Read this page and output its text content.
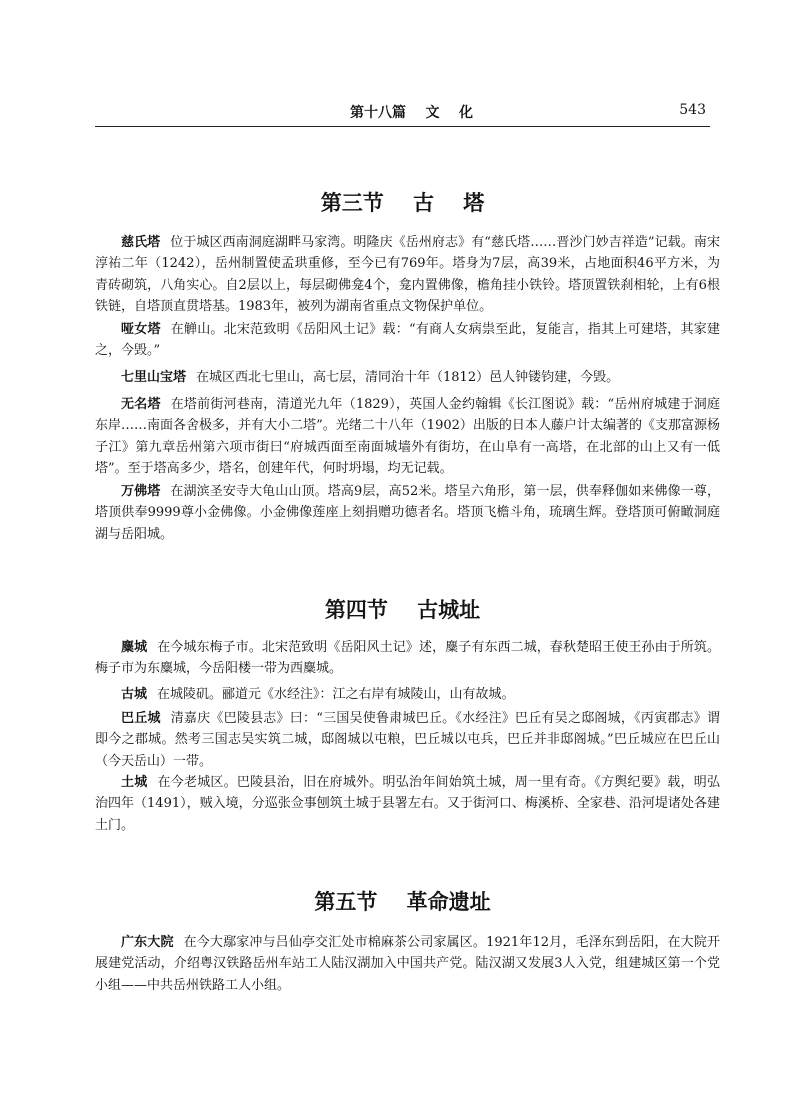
第十八篇    文    化	543
第三节    古    塔

慈氏塔 位于城区西南洞庭湖畔马家湾。明隆庆《岳州府志》有“慈氏塔……晋沙门妙吉祥造”记载。南宋淳祐二年（1242），岳州制置使孟珙重修，至今已有769年。塔身为7层，高39米，占地面积46平方米，为青砖砌筑，八角实心。自2层以上，每层砌佛龛4个，龛内置佛像，檐角挂小铁铃。塔顶置铁刹相轮，上有6根铁链，自塔顶直贯塔基。1983年，被列为湖南省重点文物保护单位。

哑女塔 在觯山。北宋范致明《岳阳风土记》载：“有商人女病祟至此，复能言，指其上可建塔，其家建之，今毁。”

七里山宝塔 在城区西北七里山，高七层，清同治十年（1812）邑人钟镂钧建，今毁。

无名塔 在塔前街河巷南，清道光九年（1829），英国人金约翰辑《长江图说》载：“岳州府城建于洞庭东岸……南面各舍极多，并有大小二塔”。光绪二十八年（1902）出版的日本人藤户计太编著的《支那富源杨子江》第九章岳州第六项市街曰“府城西面至南面城墙外有街坊，在山阜有一高塔，在北部的山上又有一低塔”。至于塔高多少，塔名，创建年代，何时坍塌，均无记载。

万佛塔 在湖滨圣安寺大龟山山顶。塔高9层，高52米。塔呈六角形，第一层，供奉释伽如来佛像一尊，塔顶供奉9999尊小金佛像。小金佛像莲座上刻捐赠功德者名。塔顶飞檐斗角，琉璃生辉。登塔顶可俯瞰洞庭湖与岳阳城。

第四节    古城址

麋城 在今城东梅子市。北宋范致明《岳阳风土记》述，麋子有东西二城，春秋楚昭王使王孙由于所筑。梅子市为东麋城，今岳阳楼一带为西麋城。

古城 在城陵矶。郦道元《水经注》：江之右岸有城陵山，山有故城。

巴丘城 清嘉庆《巴陵县志》曰：“三国吴使鲁肃城巴丘。《水经注》巴丘有吴之邸阁城，《丙寅郡志》谓即今之郡城。然考三国志吴实筑二城，邸阁城以屯粮，巴丘城以屯兵，巴丘并非邸阁城。”巴丘城应在巴丘山（今天岳山）一带。

土城 在今老城区。巴陵县治，旧在府城外。明弘治年间始筑土城，周一里有奇。《方舆纪要》载，明弘治四年（1491），贼入境，分巡张佥事刨筑土城于县署左右。又于街河口、梅溪桥、全家巷、沿河堤诸处各建土门。

第五节    革命遗址

广东大院 在今大鄢家冲与吕仙亭交汇处市棉麻茶公司家属区。1921年12月，毛泽东到岳阳，在大院开展建党活动，介绍粤汉铁路岳州车站工人陆汉湖加入中国共产党。陆汉湖又发展3人入党，组建城区第一个党小组——中共岳州铁路工人小组。
